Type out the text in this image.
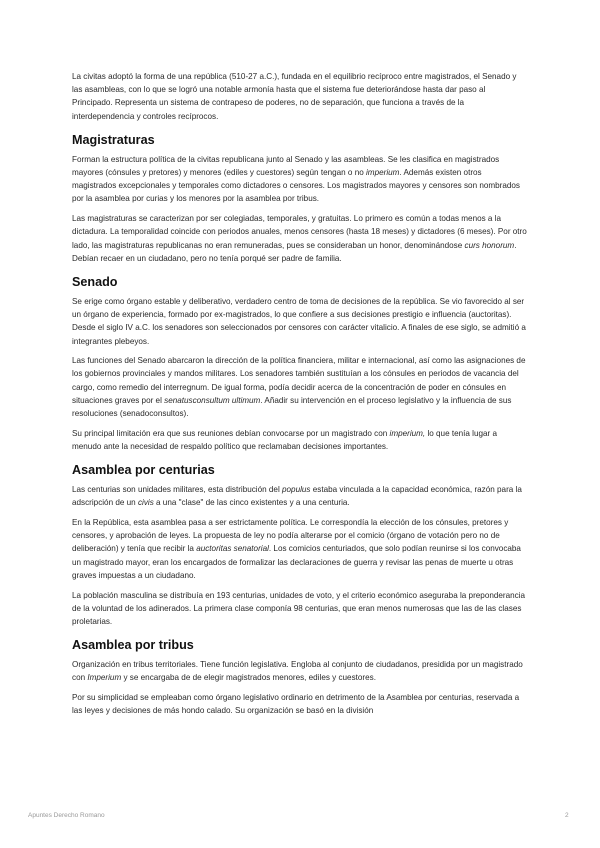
La civitas adoptó la forma de una república (510-27 a.C.), fundada en el equilibrio recíproco entre magistrados, el Senado y las asambleas, con lo que se logró una notable armonía hasta que el sistema fue deteriorándose hasta dar paso al Principado. Representa un sistema de contrapeso de poderes, no de separación, que funciona a través de la interdependencia y controles recíprocos.

Magistraturas

Forman la estructura política de la civitas republicana junto al Senado y las asambleas. Se les clasifica en magistrados mayores (cónsules y pretores) y menores (ediles y cuestores) según tengan o no imperium. Además existen otros magistrados excepcionales y temporales como dictadores o censores. Los magistrados mayores y censores son nombrados por la asamblea por curias y los menores por la asamblea por tribus.

Las magistraturas se caracterizan por ser colegiadas, temporales, y gratuitas. Lo primero es común a todas menos a la dictadura. La temporalidad coincide con periodos anuales, menos censores (hasta 18 meses) y dictadores (6 meses). Por otro lado, las magistraturas republicanas no eran remuneradas, pues se consideraban un honor, denominándose curs honorum. Debían recaer en un ciudadano, pero no tenía porqué ser padre de familia.

Senado

Se erige como órgano estable y deliberativo, verdadero centro de toma de decisiones de la república. Se vio favorecido al ser un órgano de experiencia, formado por ex-magistrados, lo que confiere a sus decisiones prestigio e influencia (auctoritas). Desde el siglo IV a.C. los senadores son seleccionados por censores con carácter vitalicio. A finales de ese siglo, se admitió a integrantes plebeyos.

Las funciones del Senado abarcaron la dirección de la política financiera, militar e internacional, así como las asignaciones de los gobiernos provinciales y mandos militares. Los senadores también sustituían a los cónsules en periodos de vacancia del cargo, como remedio del interregnum. De igual forma, podía decidir acerca de la concentración de poder en cónsules en situaciones graves por el senatusconsultum ultimum. Añadir su intervención en el proceso legislativo y la influencia de sus resoluciones (senadoconsultos).

Su principal limitación era que sus reuniones debían convocarse por un magistrado con imperium, lo que tenía lugar a menudo ante la necesidad de respaldo político que reclamaban decisiones importantes.

Asamblea por centurias

Las centurias son unidades militares, esta distribución del populus estaba vinculada a la capacidad económica, razón para la adscripción de un civis a una "clase" de las cinco existentes y a una centuria.

En la República, esta asamblea pasa a ser estrictamente política. Le correspondía la elección de los cónsules, pretores y censores, y aprobación de leyes. La propuesta de ley no podía alterarse por el comicio (órgano de votación pero no de deliberación) y tenía que recibir la auctoritas senatorial. Los comicios centuriados, que solo podían reunirse si los convocaba un magistrado mayor, eran los encargados de formalizar las declaraciones de guerra y revisar las penas de muerte u otras graves impuestas a un ciudadano.

La población masculina se distribuía en 193 centurias, unidades de voto, y el criterio económico aseguraba la preponderancia de la voluntad de los adinerados. La primera clase componía 98 centurias, que eran menos numerosas que las de las clases proletarias.

Asamblea por tribus

Organización en tribus territoriales. Tiene función legislativa. Engloba al conjunto de ciudadanos, presidida por un magistrado con Imperium y se encargaba de de elegir magistrados menores, ediles y cuestores.

Por su simplicidad se empleaban como órgano legislativo ordinario en detrimento de la Asamblea por centurias, reservada a las leyes y decisiones de más hondo calado. Su organización se basó en la división

Apuntes Derecho Romano	2
